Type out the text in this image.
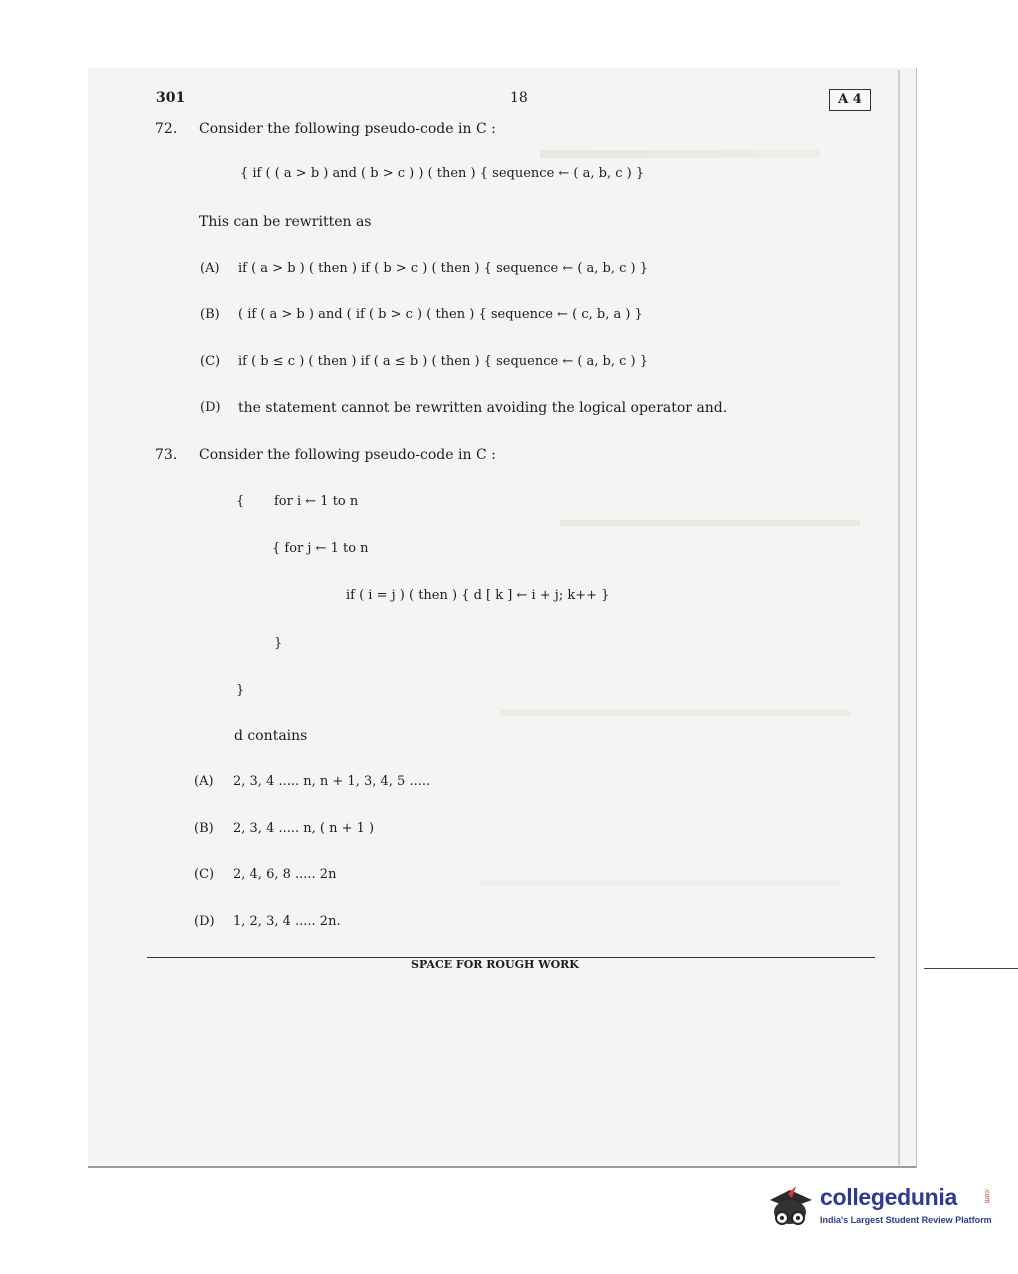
301	18	A 4
72. Consider the following pseudo-code in C :
{ if ( ( a > b ) and ( b > c ) ) ( then ) { sequence ← ( a, b, c ) }
This can be rewritten as
(A) if ( a > b ) ( then ) if ( b > c ) ( then ) { sequence ← ( a, b, c ) }
(B) ( if ( a > b ) and ( if ( b > c ) ( then ) { sequence ← ( c, b, a ) }
(C) if ( b ≤ c ) ( then ) if ( a ≤ b ) ( then ) { sequence ← ( a, b, c ) }
(D) the statement cannot be rewritten avoiding the logical operator and.
73. Consider the following pseudo-code in C :
{ for i ← 1 to n
{ for j ← 1 to n
if ( i = j ) ( then ) { d [ k ] ← i + j; k++ }
}
}
d contains
(A) 2, 3, 4 ..... n, n + 1, 3, 4, 5 .....
(B) 2, 3, 4 ..... n, ( n + 1 )
(C) 2, 4, 6, 8 ..... 2n
(D) 1, 2, 3, 4 ..... 2n.
SPACE FOR ROUGH WORK
collegedunia	.com
India's Largest Student Review Platform
